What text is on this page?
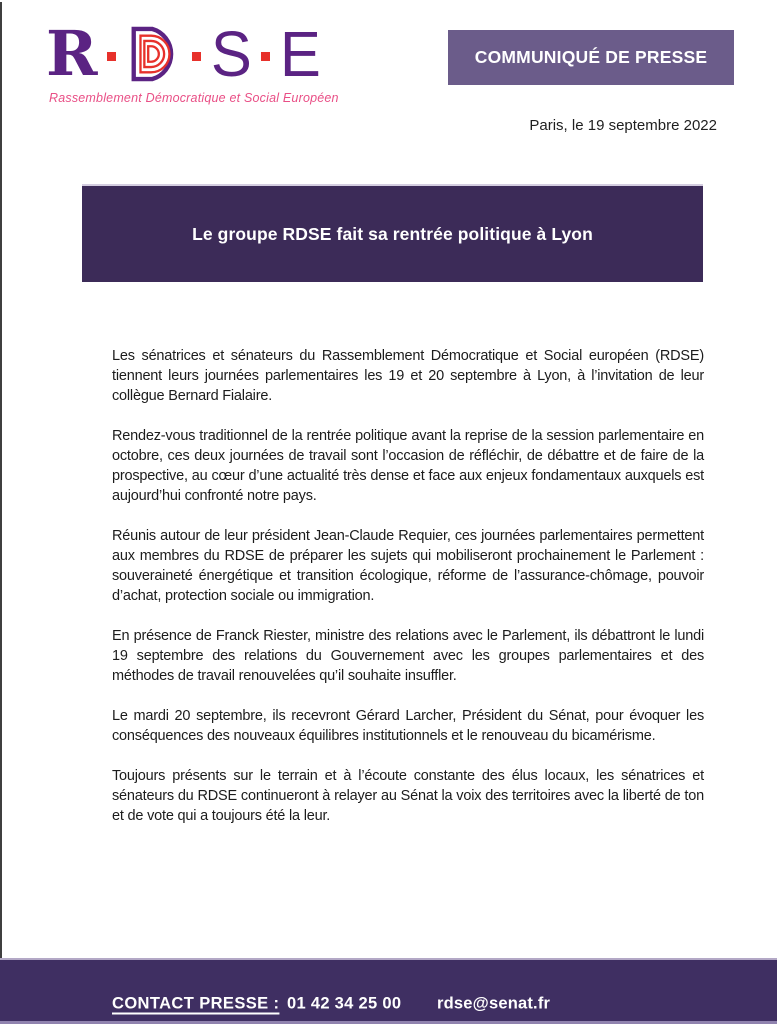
R S E
Rassemblement Démocratique et Social Européen
COMMUNIQUÉ DE PRESSE
Paris, le 19 septembre 2022
Le groupe RDSE fait sa rentrée politique à Lyon

Les sénatrices et sénateurs du Rassemblement Démocratique et Social européen (RDSE) tiennent leurs journées parlementaires les 19 et 20 septembre à Lyon, à l’invitation de leur collègue Bernard Fialaire.

Rendez-vous traditionnel de la rentrée politique avant la reprise de la session parlementaire en octobre, ces deux journées de travail sont l’occasion de réfléchir, de débattre et de faire de la prospective, au cœur d’une actualité très dense et face aux enjeux fondamentaux auxquels est aujourd’hui confronté notre pays.

Réunis autour de leur président Jean-Claude Requier, ces journées parlementaires permettent aux membres du RDSE de préparer les sujets qui mobiliseront prochainement le Parlement : souveraineté énergétique et transition écologique, réforme de l’assurance-chômage, pouvoir d’achat, protection sociale ou immigration.

En présence de Franck Riester, ministre des relations avec le Parlement, ils débattront le lundi 19 septembre des relations du Gouvernement avec les groupes parlementaires et des méthodes de travail renouvelées qu’il souhaite insuffler.

Le mardi 20 septembre, ils recevront Gérard Larcher, Président du Sénat, pour évoquer les conséquences des nouveaux équilibres institutionnels et le renouveau du bicamérisme.

Toujours présents sur le terrain et à l’écoute constante des élus locaux, les sénatrices et sénateurs du RDSE continueront à relayer au Sénat la voix des territoires avec la liberté de ton et de vote qui a toujours été la leur.

CONTACT PRESSE : 01 42 34 25 00 rdse@senat.fr
